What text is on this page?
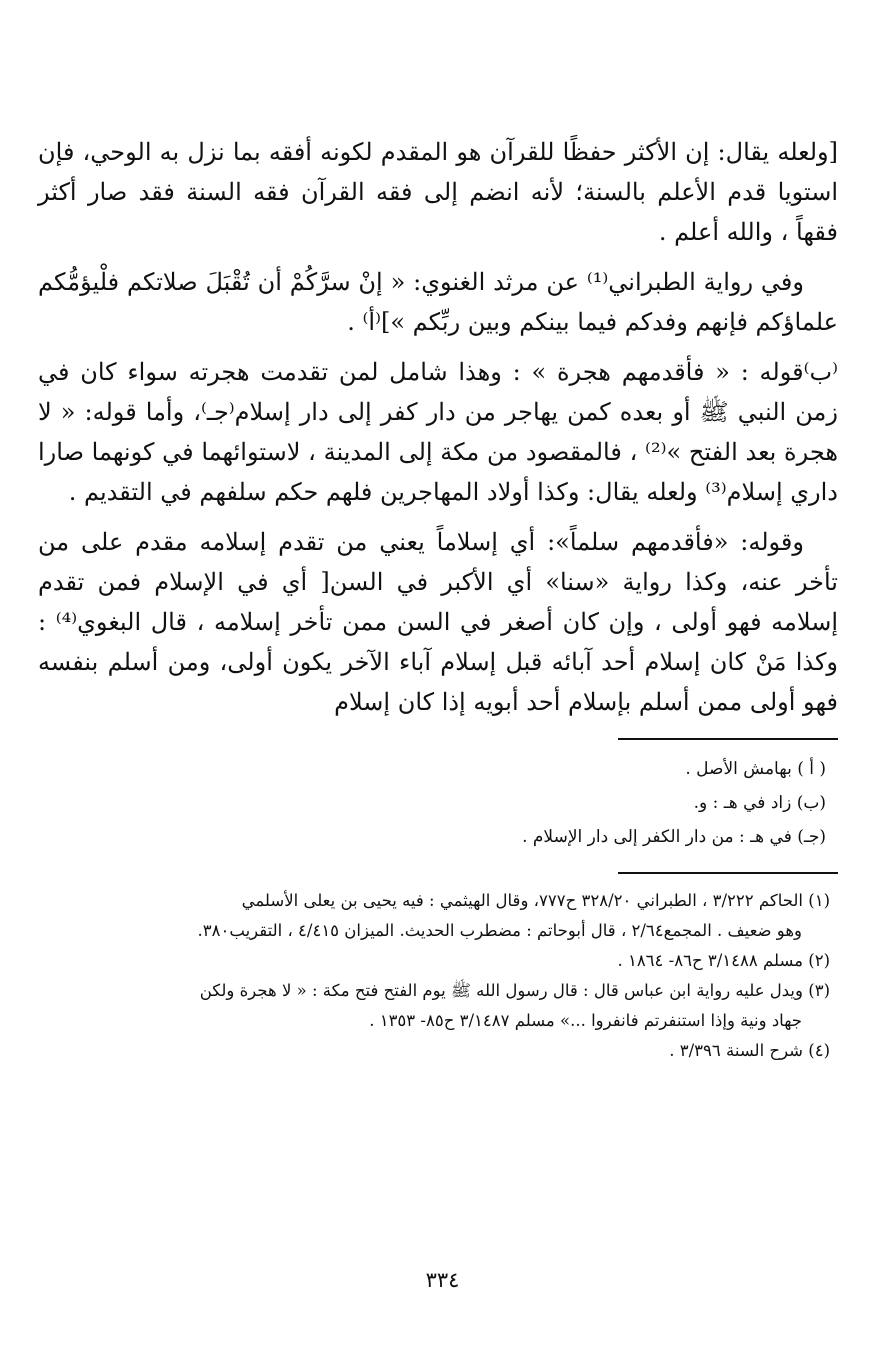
[ولعله يقال: إن الأكثر حفظًا للقرآن هو المقدم لكونه أفقه بما نزل به الوحي، فإن استويا قدم الأعلم بالسنة؛ لأنه انضم إلى فقه القرآن فقه السنة فقد صار أكثر فقهاً ، والله أعلم .

وفي رواية الطبراني⁽¹⁾ عن مرثد الغنوي: « إنْ سرَّكُمْ أن تُقْبَلَ صلاتكم فلْيؤمُّكم علماؤكم فإنهم وفدكم فيما بينكم وبين ربِّكم »]⁽أ⁾ .

⁽ب⁾قوله : « فأقدمهم هجرة » : وهذا شامل لمن تقدمت هجرته سواء كان في زمن النبي ﷺ أو بعده كمن يهاجر من دار كفر إلى دار إسلام⁽جـ⁾، وأما قوله: « لا هجرة بعد الفتح »⁽²⁾ ، فالمقصود من مكة إلى المدينة ، لاستوائهما في كونهما صارا داري إسلام⁽³⁾ ولعله يقال: وكذا أولاد المهاجرين فلهم حكم سلفهم في التقديم .

وقوله: «فأقدمهم سلماً»: أي إسلاماً يعني من تقدم إسلامه مقدم على من تأخر عنه، وكذا رواية «سنا» أي الأكبر في السن[ أي في الإسلام فمن تقدم إسلامه فهو أولى ، وإن كان أصغر في السن ممن تأخر إسلامه ، قال البغوي⁽⁴⁾ : وكذا مَنْ كان إسلام أحد آبائه قبل إسلام آباء الآخر يكون أولى، ومن أسلم بنفسه فهو أولى ممن أسلم بإسلام أحد أبويه إذا كان إسلام

( أ ) بهامش الأصل .

(ب) زاد في هـ : و.

(جـ) في هـ : من دار الكفر إلى دار الإسلام .

(١) الحاكم ٣/٢٢٢ ، الطبراني ٣٢٨/٢٠ ح٧٧٧، وقال الهيثمي : فيه يحيى بن يعلى الأسلمي
وهو ضعيف . المجمع٢/٦٤ ، قال أبوحاتم : مضطرب الحديث. الميزان ٤/٤١٥ ، التقريب٣٨٠.

(٢) مسلم ٣/١٤٨٨ ح٨٦- ١٨٦٤ .

(٣) ويدل عليه رواية ابن عباس قال : قال رسول الله ﷺ يوم الفتح فتح مكة : « لا هجرة ولكن
جهاد ونية وإذا استنفرتم فانفروا ...» مسلم ٣/١٤٨٧ ح٨٥- ١٣٥٣ .

(٤) شرح السنة ٣/٣٩٦ .

٣٣٤
